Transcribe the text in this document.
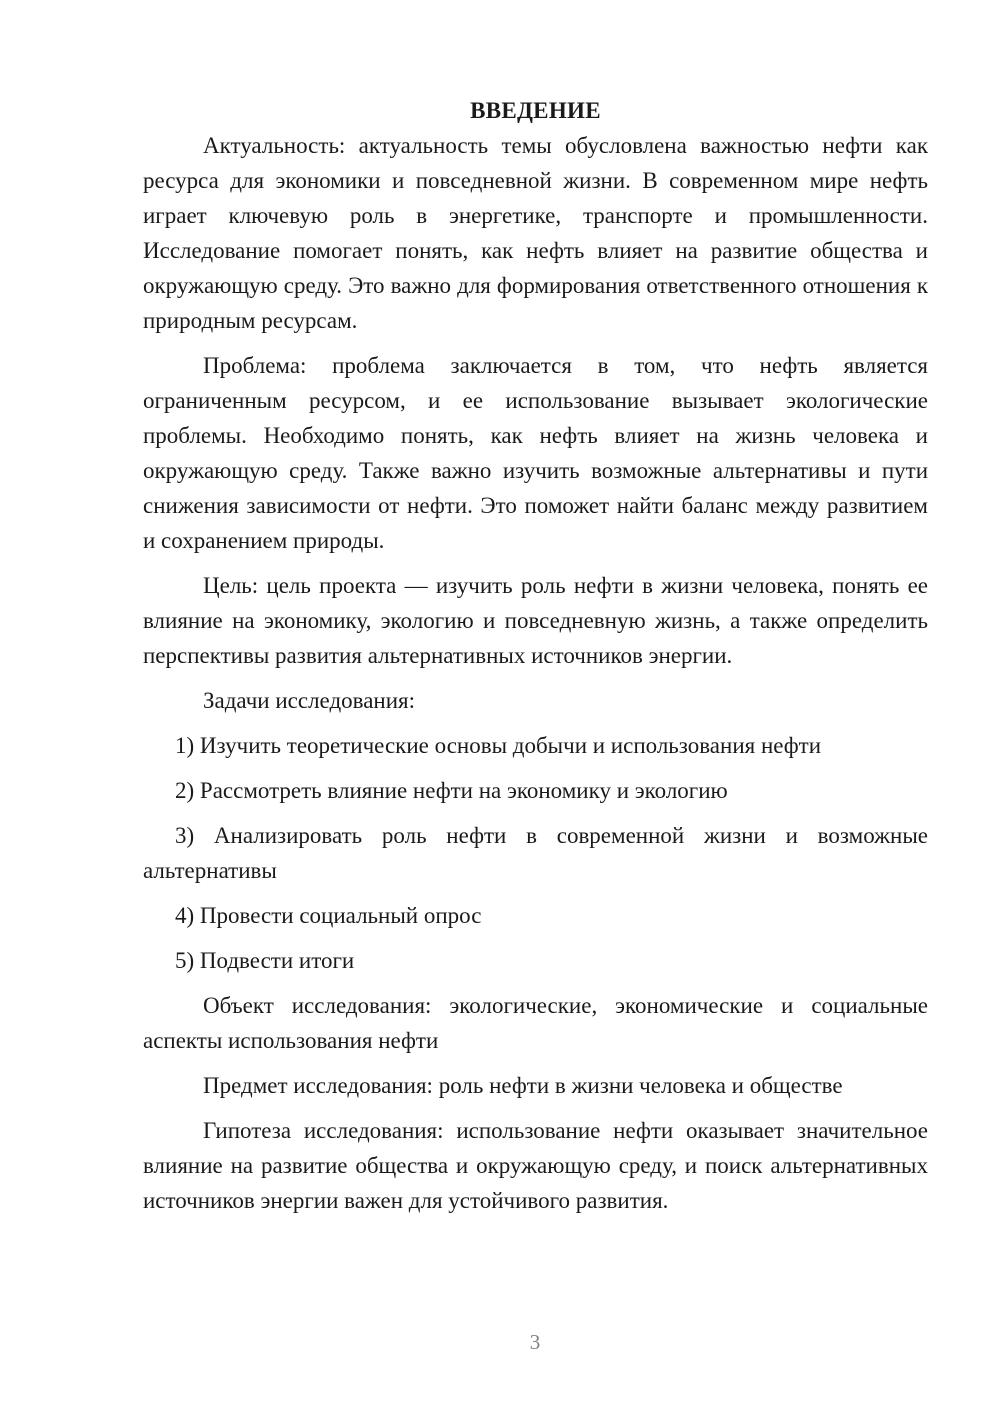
ВВЕДЕНИЕ

Актуальность: актуальность темы обусловлена важностью нефти как ресурса для экономики и повседневной жизни. В современном мире нефть играет ключевую роль в энергетике, транспорте и промышленности. Исследование помогает понять, как нефть влияет на развитие общества и окружающую среду. Это важно для формирования ответственного отношения к природным ресурсам.

Проблема: проблема заключается в том, что нефть является ограниченным ресурсом, и ее использование вызывает экологические проблемы. Необходимо понять, как нефть влияет на жизнь человека и окружающую среду. Также важно изучить возможные альтернативы и пути снижения зависимости от нефти. Это поможет найти баланс между развитием и сохранением природы.

Цель: цель проекта — изучить роль нефти в жизни человека, понять ее влияние на экономику, экологию и повседневную жизнь, а также определить перспективы развития альтернативных источников энергии.

Задачи исследования:

1) Изучить теоретические основы добычи и использования нефти

2) Рассмотреть влияние нефти на экономику и экологию

3) Анализировать роль нефти в современной жизни и возможные альтернативы

4) Провести социальный опрос

5) Подвести итоги

Объект исследования: экологические, экономические и социальные аспекты использования нефти

Предмет исследования: роль нефти в жизни человека и обществе

Гипотеза исследования: использование нефти оказывает значительное влияние на развитие общества и окружающую среду, и поиск альтернативных источников энергии важен для устойчивого развития.

3
